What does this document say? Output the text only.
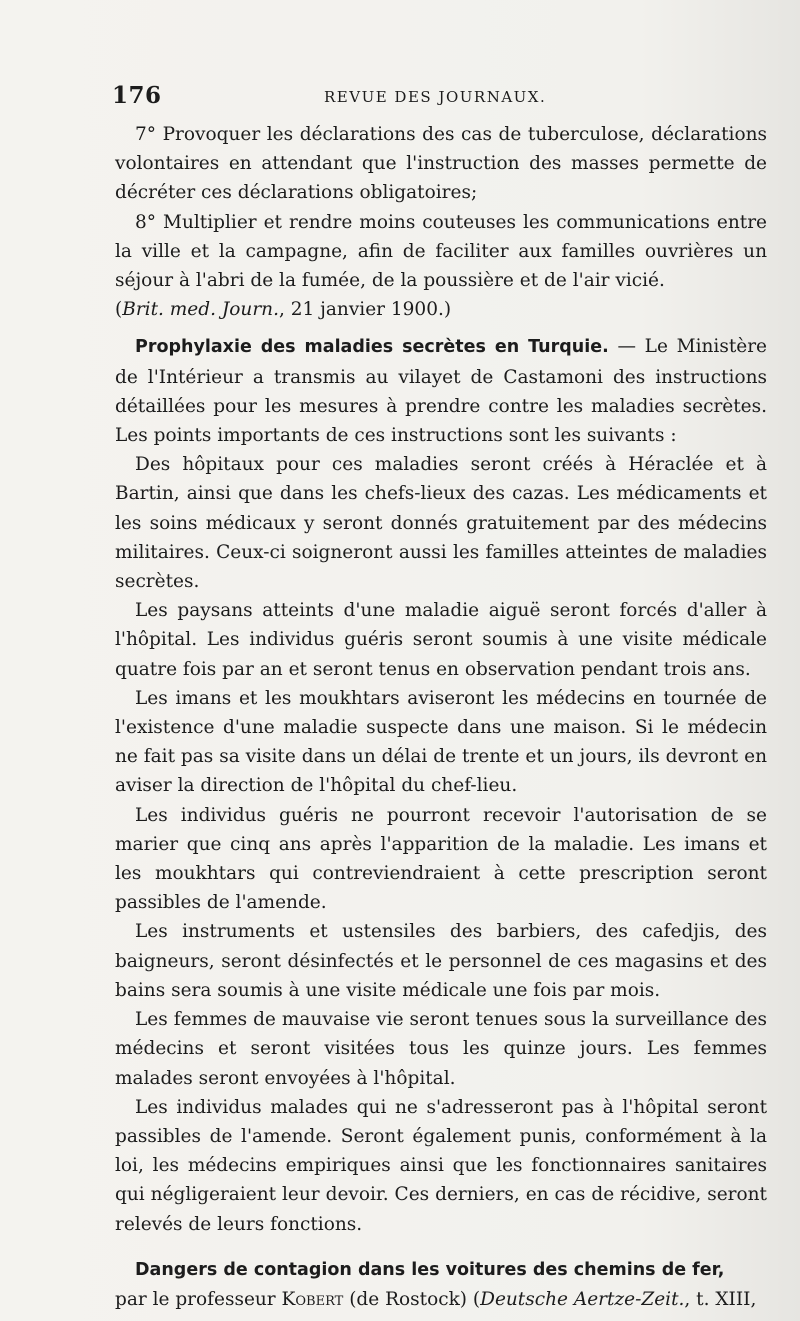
176	REVUE DES JOURNAUX.

7° Provoquer les déclarations des cas de tuberculose, déclarations volontaires en attendant que l'instruction des masses permette de décréter ces déclarations obligatoires;

8° Multiplier et rendre moins couteuses les communications entre la ville et la campagne, afin de faciliter aux familles ouvrières un séjour à l'abri de la fumée, de la poussière et de l'air vicié.
(Brit. med. Journ., 21 janvier 1900.)

Prophylaxie des maladies secrètes en Turquie. — Le Ministère de l'Intérieur a transmis au vilayet de Castamoni des instructions détaillées pour les mesures à prendre contre les maladies secrètes. Les points importants de ces instructions sont les suivants :

Des hôpitaux pour ces maladies seront créés à Héraclée et à Bartin, ainsi que dans les chefs-lieux des cazas. Les médicaments et les soins médicaux y seront donnés gratuitement par des médecins militaires. Ceux-ci soigneront aussi les familles atteintes de maladies secrètes.

Les paysans atteints d'une maladie aiguë seront forcés d'aller à l'hôpital. Les individus guéris seront soumis à une visite médicale quatre fois par an et seront tenus en observation pendant trois ans.

Les imans et les moukhtars aviseront les médecins en tournée de l'existence d'une maladie suspecte dans une maison. Si le médecin ne fait pas sa visite dans un délai de trente et un jours, ils devront en aviser la direction de l'hôpital du chef-lieu.

Les individus guéris ne pourront recevoir l'autorisation de se marier que cinq ans après l'apparition de la maladie. Les imans et les moukhtars qui contreviendraient à cette prescription seront passibles de l'amende.

Les instruments et ustensiles des barbiers, des cafedjis, des baigneurs, seront désinfectés et le personnel de ces magasins et des bains sera soumis à une visite médicale une fois par mois.

Les femmes de mauvaise vie seront tenues sous la surveillance des médecins et seront visitées tous les quinze jours. Les femmes malades seront envoyées à l'hôpital.

Les individus malades qui ne s'adresseront pas à l'hôpital seront passibles de l'amende. Seront également punis, conformément à la loi, les médecins empiriques ainsi que les fonctionnaires sanitaires qui négligeraient leur devoir. Ces derniers, en cas de récidive, seront relevés de leurs fonctions.

Dangers de contagion dans les voitures des chemins de fer,
par le professeur Kobert (de Rostock) (Deutsche Aertze-Zeit., t. XIII,
